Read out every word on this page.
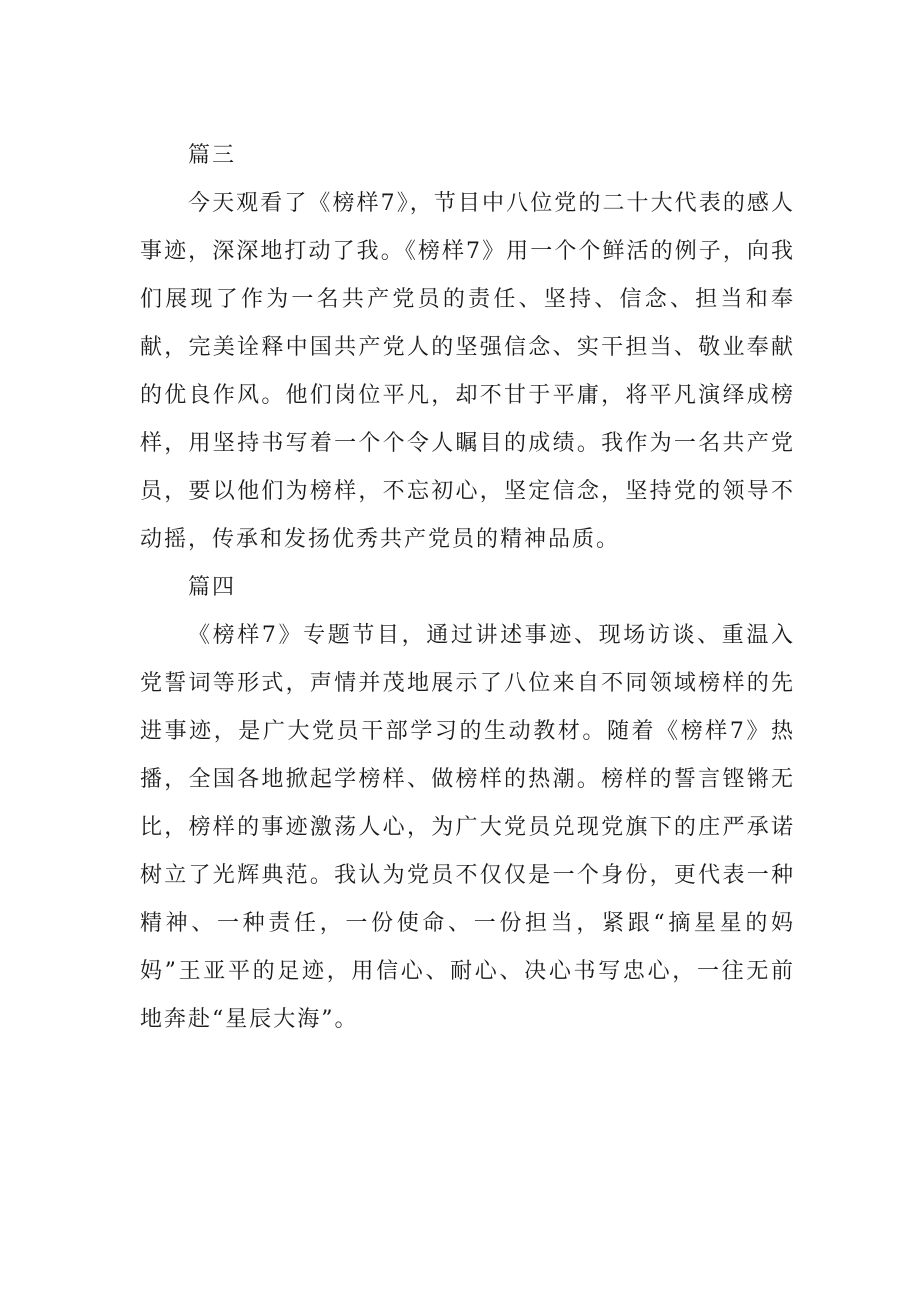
篇三

今天观看了《榜样7》，节目中八位党的二十大代表的感人事迹，深深地打动了我。《榜样7》用一个个鲜活的例子，向我们展现了作为一名共产党员的责任、坚持、信念、担当和奉献，完美诠释中国共产党人的坚强信念、实干担当、敬业奉献的优良作风。他们岗位平凡，却不甘于平庸，将平凡演绎成榜样，用坚持书写着一个个令人瞩目的成绩。我作为一名共产党员，要以他们为榜样，不忘初心，坚定信念，坚持党的领导不动摇，传承和发扬优秀共产党员的精神品质。

篇四

《榜样7》专题节目，通过讲述事迹、现场访谈、重温入党誓词等形式，声情并茂地展示了八位来自不同领域榜样的先进事迹，是广大党员干部学习的生动教材。随着《榜样7》热播，全国各地掀起学榜样、做榜样的热潮。榜样的誓言铿锵无比，榜样的事迹激荡人心，为广大党员兑现党旗下的庄严承诺树立了光辉典范。我认为党员不仅仅是一个身份，更代表一种精神、一种责任，一份使命、一份担当，紧跟“摘星星的妈妈”王亚平的足迹，用信心、耐心、决心书写忠心，一往无前地奔赴“星辰大海”。
